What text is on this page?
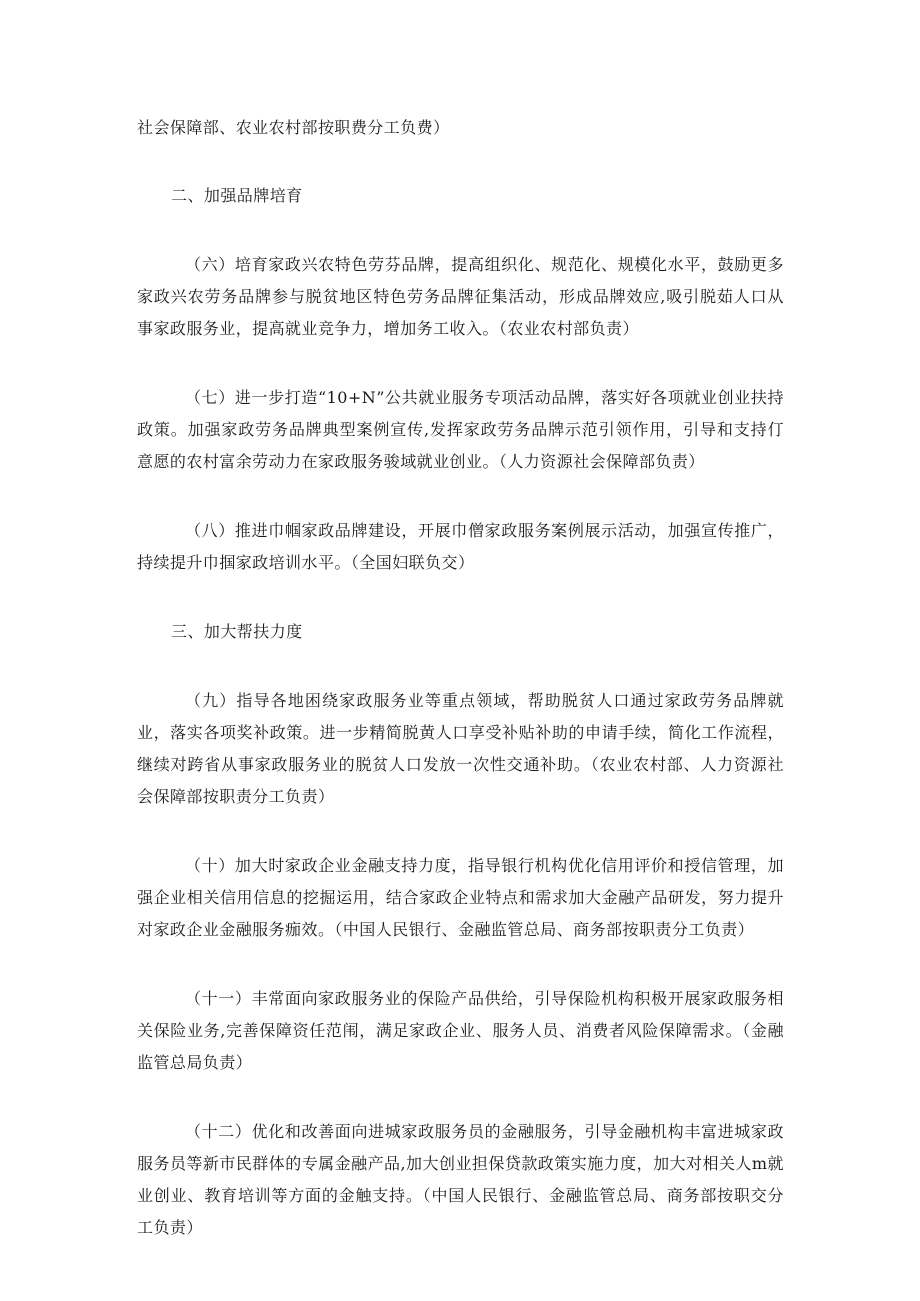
社会保障部、农业农村部按职费分工负费）

二、加强品牌培育

（六）培育家政兴农特色劳芬品牌，提高组织化、规范化、规模化水平，鼓励更多家政兴农劳务品牌参与脱贫地区特色劳务品牌征集活动，形成品牌效应,吸引脱茹人口从事家政服务业，提高就业竞争力，增加务工收入。（农业农村部负责）

（七）进一步打造“10+N”公共就业服务专项活动品牌，落实好各项就业创业扶持政策。加强家政劳务品牌典型案例宣传,发挥家政劳务品牌示范引领作用，引导和支持仃意愿的农村富余劳动力在家政服务骏域就业创业。（人力资源社会保障部负责）

（八）推进巾帼家政品牌建设，开展巾僧家政服务案例展示活动，加强宣传推广，持续提升巾掴家政培训水平。（全国妇联负交）

三、加大帮扶力度

（九）指导各地困绕家政服务业等重点领域，帮助脱贫人口通过家政劳务品牌就业，落实各项奖补政策。进一步精简脱黄人口享受补贴补助的申请手续，简化工作流程，继续对跨省从事家政服务业的脱贫人口发放一次性交通补助。（农业农村部、人力资源社会保障部按职责分工负责）

（十）加大时家政企业金融支持力度，指导银行机构优化信用评价和授信管理，加强企业相关信用信息的挖掘运用，结合家政企业特点和需求加大金融产品研发，努力提升对家政企业金融服务痂效。（中国人民银行、金融监管总局、商务部按职责分工负责）

（十一）丰常面向家政服务业的保险产品供给，引导保险机构积极开展家政服务相关保险业务,完善保障资任范闱，满足家政企业、服务人员、消费者风险保障需求。（金融监管总局负责）

（十二）优化和改善面向进城家政服务员的金融服务，引导金融机构丰富进城家政服务员等新市民群体的专属金融产品,加大创业担保贷款政策实施力度，加大对相关人m就业创业、教育培训等方面的金触支持。（中国人民银行、金融监管总局、商务部按职交分工负责）
